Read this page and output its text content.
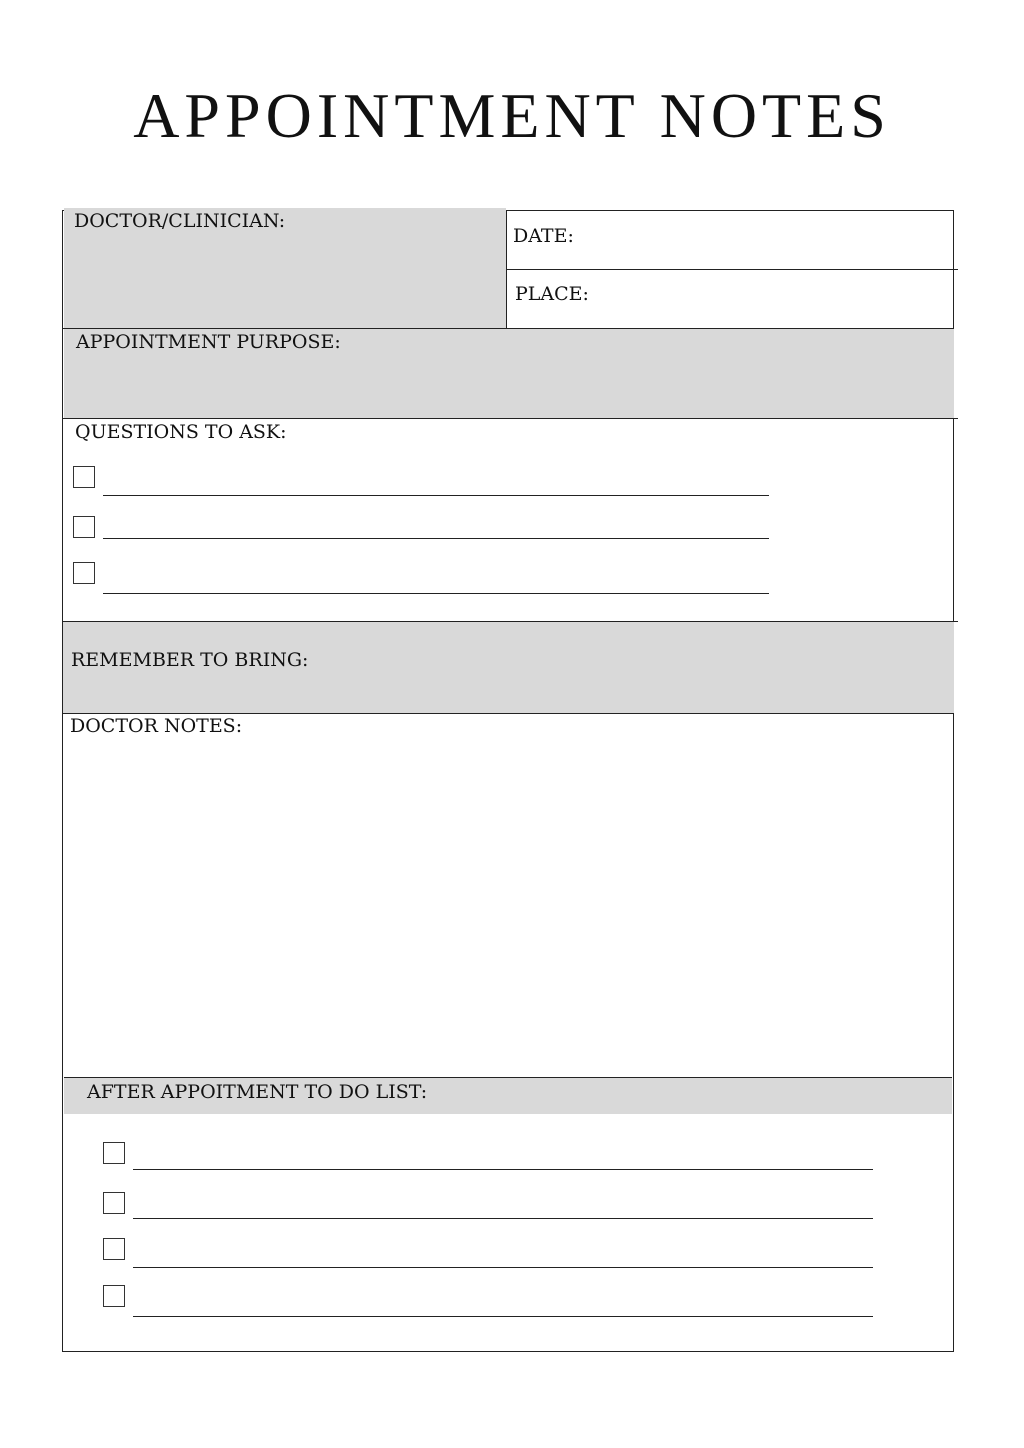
APPOINTMENT NOTES
DOCTOR/CLINICIAN:
DATE:
PLACE:
APPOINTMENT PURPOSE:
QUESTIONS TO ASK:
REMEMBER TO BRING:
DOCTOR NOTES:
AFTER APPOITMENT TO DO LIST:
